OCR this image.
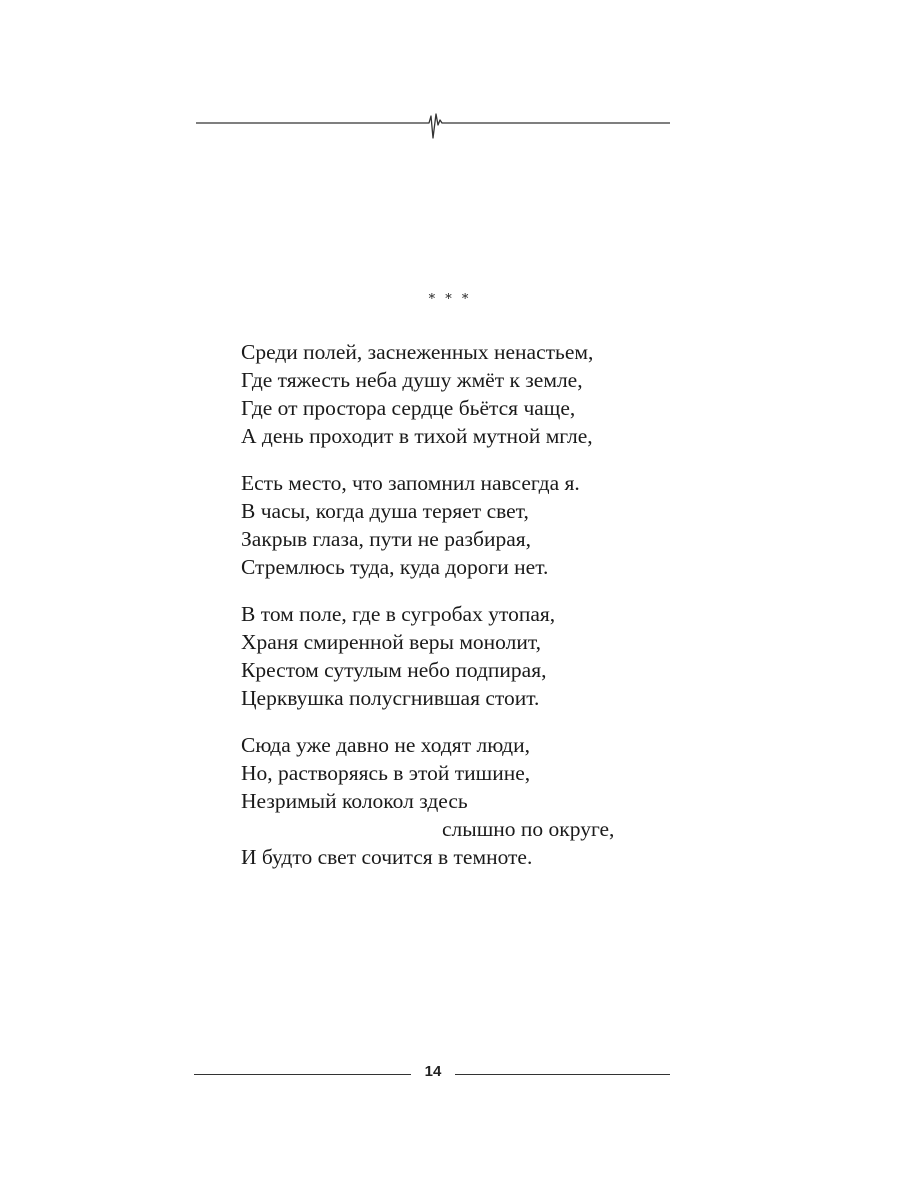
* * *
Среди полей, заснеженных ненастьем,
Где тяжесть неба душу жмёт к земле,
Где от простора сердце бьётся чаще,
А день проходит в тихой мутной мгле,
Есть место, что запомнил навсегда я.
В часы, когда душа теряет свет,
Закрыв глаза, пути не разбирая,
Стремлюсь туда, куда дороги нет.
В том поле, где в сугробах утопая,
Храня смиренной веры монолит,
Крестом сутулым небо подпирая,
Церквушка полусгнившая стоит.
Сюда уже давно не ходят люди,
Но, растворяясь в этой тишине,
Незримый колокол здесь
слышно по округе,
И будто свет сочится в темноте.
14
